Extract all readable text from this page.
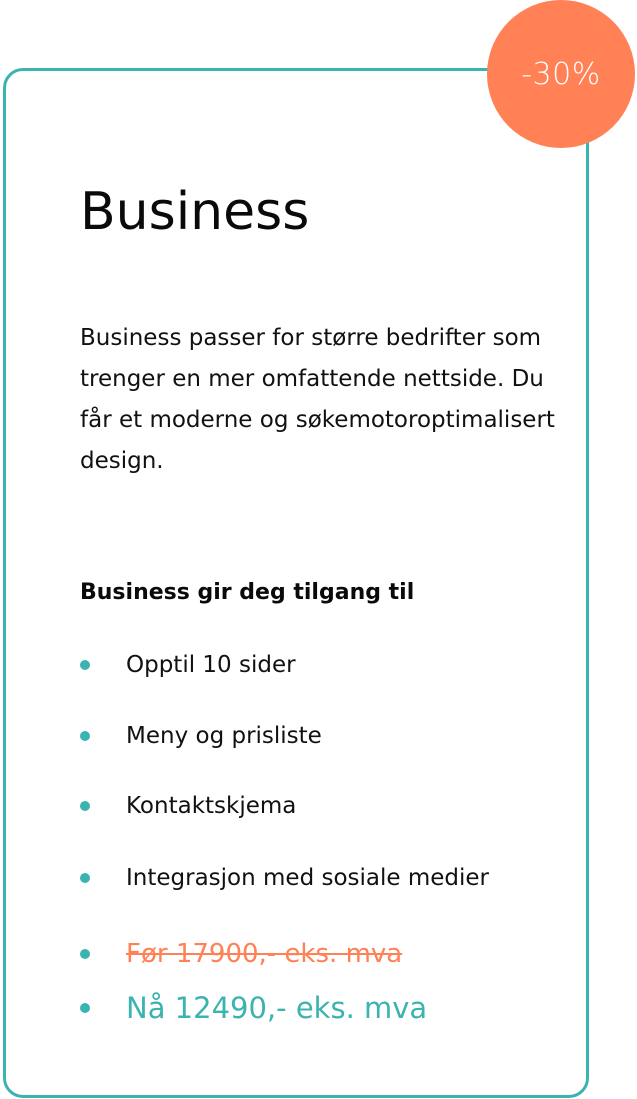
-30%
Business
Business passer for større bedrifter som trenger en mer omfattende nettside. Du får et moderne og søkemotoroptimalisert design.
Business gir deg tilgang til
Opptil 10 sider
Meny og prisliste
Kontaktskjema
Integrasjon med sosiale medier
Før 17900,- eks. mva
Nå 12490,- eks. mva
